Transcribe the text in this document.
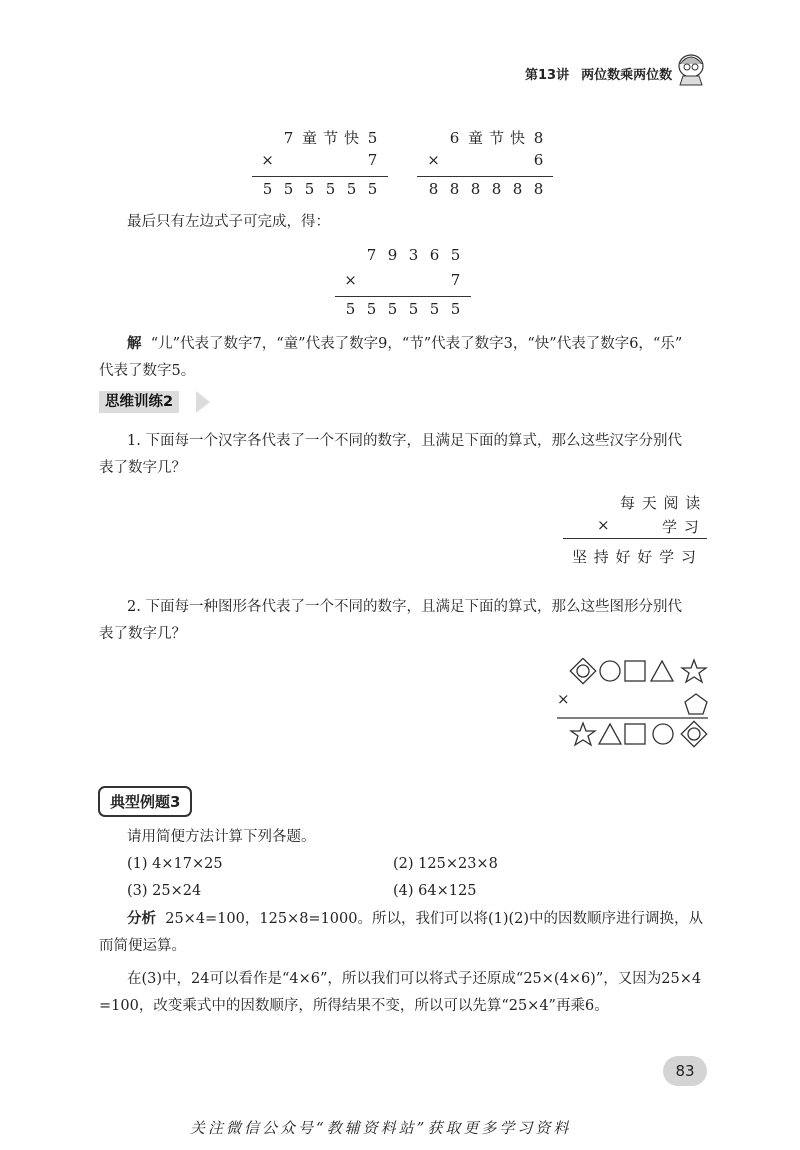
第13讲 两位数乘两位数
7 童 节 快 5
×	7
5 5 5 5 5 5
6 童 节 快 8
×	6
8 8 8 8 8 8
最后只有左边式子可完成，得：
7 9 3 6 5
×	7
5 5 5 5 5 5
解 “儿”代表了数字7，“童”代表了数字9，“节”代表了数字3，“快”代表了数字6，“乐”
代表了数字5。
思维训练2
1. 下面每一个汉字各代表了一个不同的数字，且满足下面的算式，那么这些汉字分别代
表了数字几？
每 天 阅 读
×	学 习
坚 持 好 好 学 习
2. 下面每一种图形各代表了一个不同的数字，且满足下面的算式，那么这些图形分别代
表了数字几？
×
典型例题3
请用简便方法计算下列各题。
(1) 4×17×25	(2) 125×23×8
(3) 25×24	(4) 64×125
分析 25×4=100，125×8=1000。所以，我们可以将(1)(2)中的因数顺序进行调换，从
而简便运算。
在(3)中，24可以看作是“4×6”，所以我们可以将式子还原成“25×(4×6)”，又因为25×4
=100，改变乘式中的因数顺序，所得结果不变，所以可以先算“25×4”再乘6。
83
关注微信公众号“教辅资料站”获取更多学习资料
